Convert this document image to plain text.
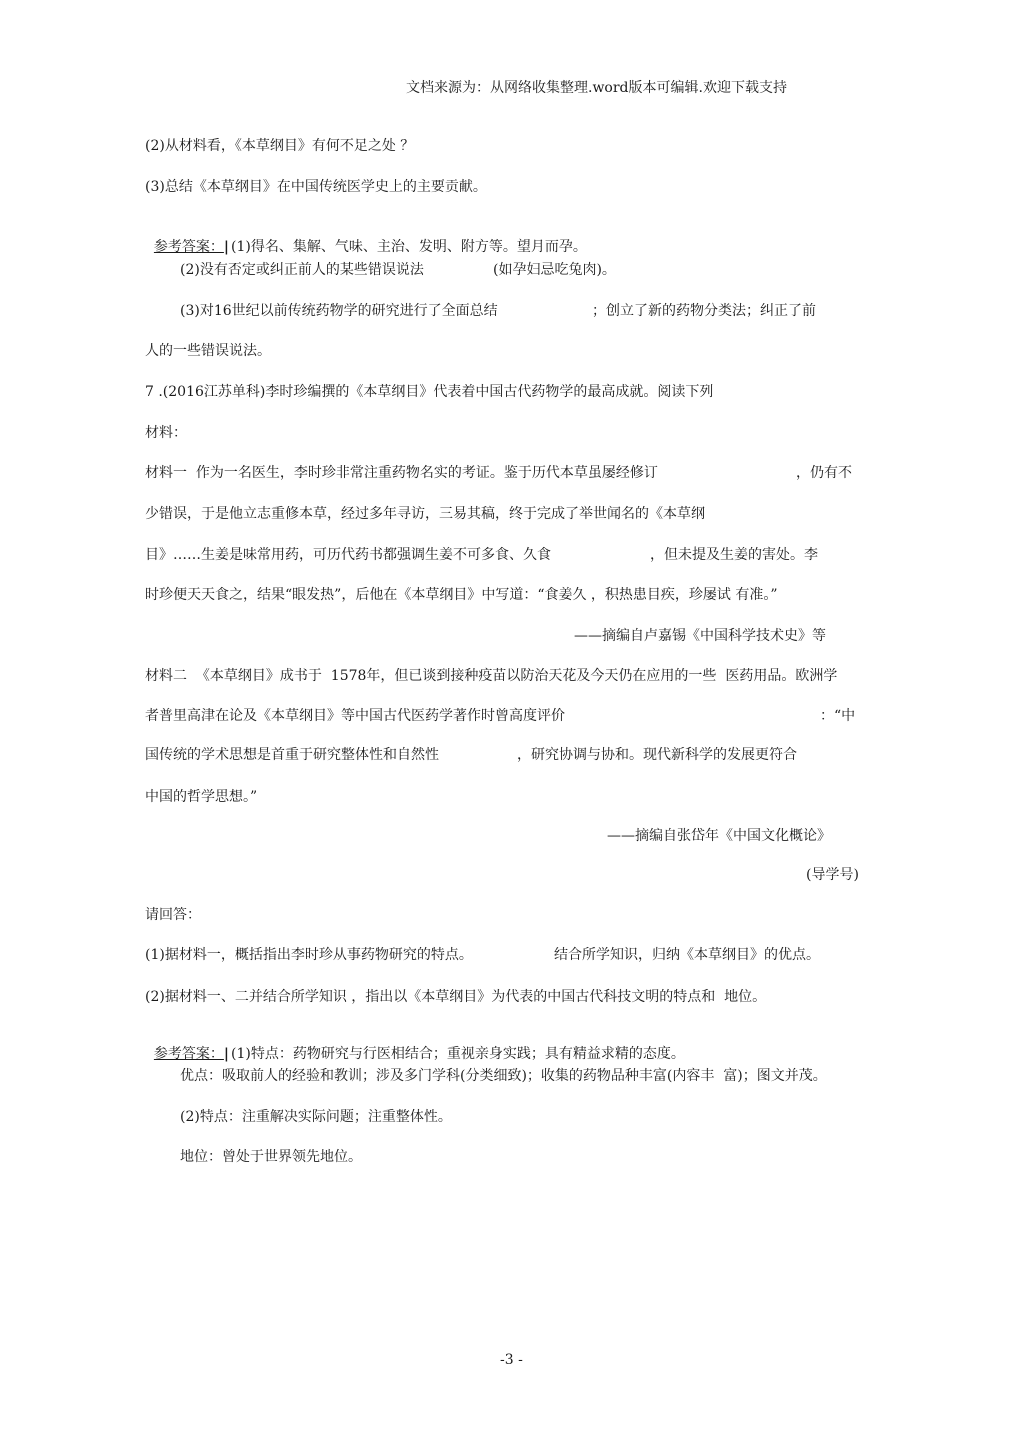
文档来源为：从网络收集整理.word版本可编辑.欢迎下载支持
(2)从材料看，《本草纲目》有何不足之处 ？
(3)总结《本草纲目》在中国传统医学史上的主要贡献。

参考答案：| (1)得名、集解、气味、主治、发明、附方等。望月而孕。

(2)没有否定或纠正前人的某些错误说法	(如孕妇忌吃兔肉)。
(3)对16世纪以前传统药物学的研究进行了全面总结	；创立了新的药物分类法；纠正了前
人的一些错误说法。
7 .(2016江苏单科)李时珍编撰的《本草纲目》代表着中国古代药物学的最高成就。阅读下列
材料：
材料一  作为一名医生，李时珍非常注重药物名实的考证。鉴于历代本草虽屡经修订	，仍有不
少错误，于是他立志重修本草，经过多年寻访，三易其稿，终于完成了举世闻名的《本草纲
目》……生姜是味常用药，可历代药书都强调生姜不可多食、久食	，但未提及生姜的害处。李
时珍便天天食之，结果“眼发热”，后他在《本草纲目》中写道：“食姜久 ，积热患目疾，珍屡试 有准。”
——摘编自卢嘉锡《中国科学技术史》等
材料二  《本草纲目》成书于  1578年，但已谈到接种疫苗以防治天花及今天仍在应用的一些  医药用品。欧洲学
者普里高津在论及《本草纲目》等中国古代医药学著作时曾高度评价	：“中
国传统的学术思想是首重于研究整体性和自然性	，研究协调与协和。现代新科学的发展更符合
中国的哲学思想。”
——摘编自张岱年《中国文化概论》
(导学号)
请回答：
(1)据材料一，概括指出李时珍从事药物研究的特点。	结合所学知识，归纳《本草纲目》的优点。
(2)据材料一、二并结合所学知识 ，指出以《本草纲目》为代表的中国古代科技文明的特点和  地位。

参考答案：| (1)特点：药物研究与行医相结合；重视亲身实践；具有精益求精的态度。

优点：吸取前人的经验和教训；涉及多门学科(分类细致)；收集的药物品种丰富(内容丰  富)；图文并茂。
(2)特点：注重解决实际问题；注重整体性。
地位：曾处于世界领先地位。
-3 -
